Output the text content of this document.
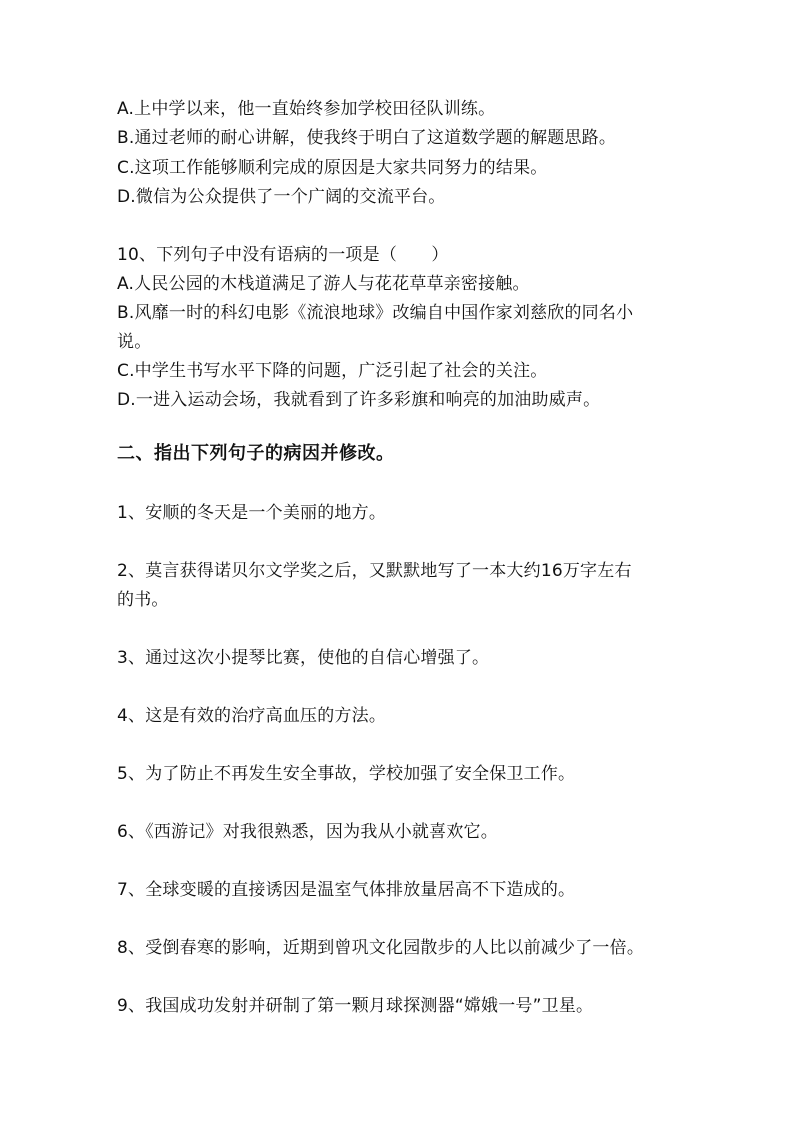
A.上中学以来，他一直始终参加学校田径队训练。
B.通过老师的耐心讲解，使我终于明白了这道数学题的解题思路。
C.这项工作能够顺利完成的原因是大家共同努力的结果。
D.微信为公众提供了一个广阔的交流平台。
10、下列句子中没有语病的一项是（　　）
A.人民公园的木栈道满足了游人与花花草草亲密接触。
B.风靡一时的科幻电影《流浪地球》改编自中国作家刘慈欣的同名小
说。
C.中学生书写水平下降的问题，广泛引起了社会的关注。
D.一进入运动会场，我就看到了许多彩旗和响亮的加油助威声。
二、指出下列句子的病因并修改。
1、安顺的冬天是一个美丽的地方。
2、莫言获得诺贝尔文学奖之后，又默默地写了一本大约16万字左右
的书。
3、通过这次小提琴比赛，使他的自信心增强了。
4、这是有效的治疗高血压的方法。
5、为了防止不再发生安全事故，学校加强了安全保卫工作。
6、《西游记》对我很熟悉，因为我从小就喜欢它。
7、全球变暖的直接诱因是温室气体排放量居高不下造成的。
8、受倒春寒的影响，近期到曾巩文化园散步的人比以前减少了一倍。
9、我国成功发射并研制了第一颗月球探测器“嫦娥一号”卫星。
